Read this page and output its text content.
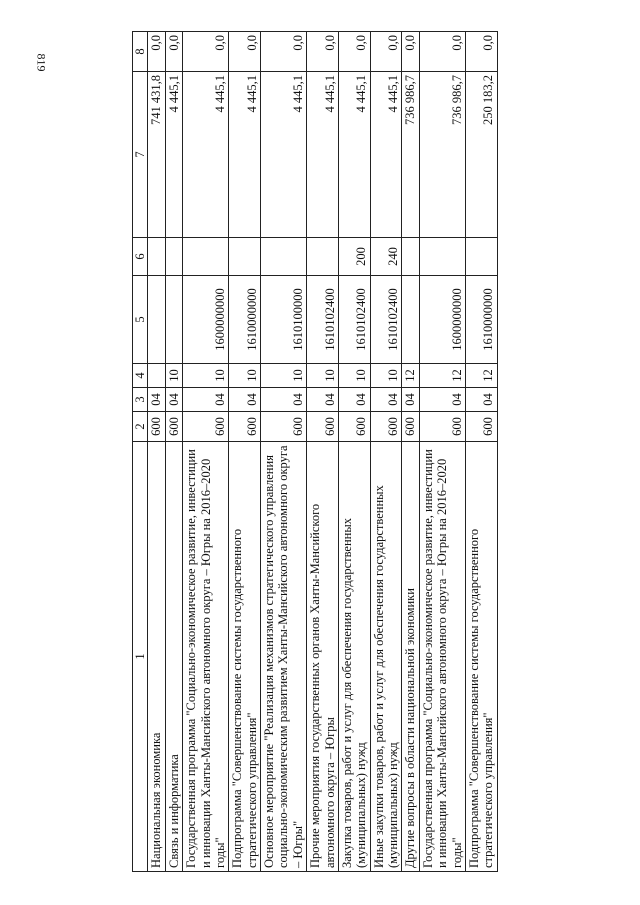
819
1	2	3	4	5	6	7	8
Национальная экономика	600	04				741 431,8	0,0
Связь и информатика	600	04	10			4 445,1	0,0
Государственная программа "Социально-экономическое развитие, инвестиции и инновации Ханты-Мансийского автономного округа – Югры на 2016–2020 годы"	600	04	10	1600000000		4 445,1	0,0
Подпрограмма "Совершенствование системы государственного стратегического управления"	600	04	10	1610000000		4 445,1	0,0
Основное мероприятие "Реализация механизмов стратегического управления социально-экономическим развитием Ханты-Мансийского автономного округа – Югры"	600	04	10	1610100000		4 445,1	0,0
Прочие мероприятия государственных органов Ханты-Мансийского автономного округа – Югры	600	04	10	1610102400		4 445,1	0,0
Закупка товаров, работ и услуг для обеспечения государственных (муниципальных) нужд	600	04	10	1610102400	200	4 445,1	0,0
Иные закупки товаров, работ и услуг для обеспечения государственных (муниципальных) нужд	600	04	10	1610102400	240	4 445,1	0,0
Другие вопросы в области национальной экономики	600	04	12			736 986,7	0,0
Государственная программа "Социально-экономическое развитие, инвестиции и инновации Ханты-Мансийского автономного округа – Югры на 2016–2020 годы"	600	04	12	1600000000		736 986,7	0,0
Подпрограмма "Совершенствование системы государственного стратегического управления"	600	04	12	1610000000		250 183,2	0,0
